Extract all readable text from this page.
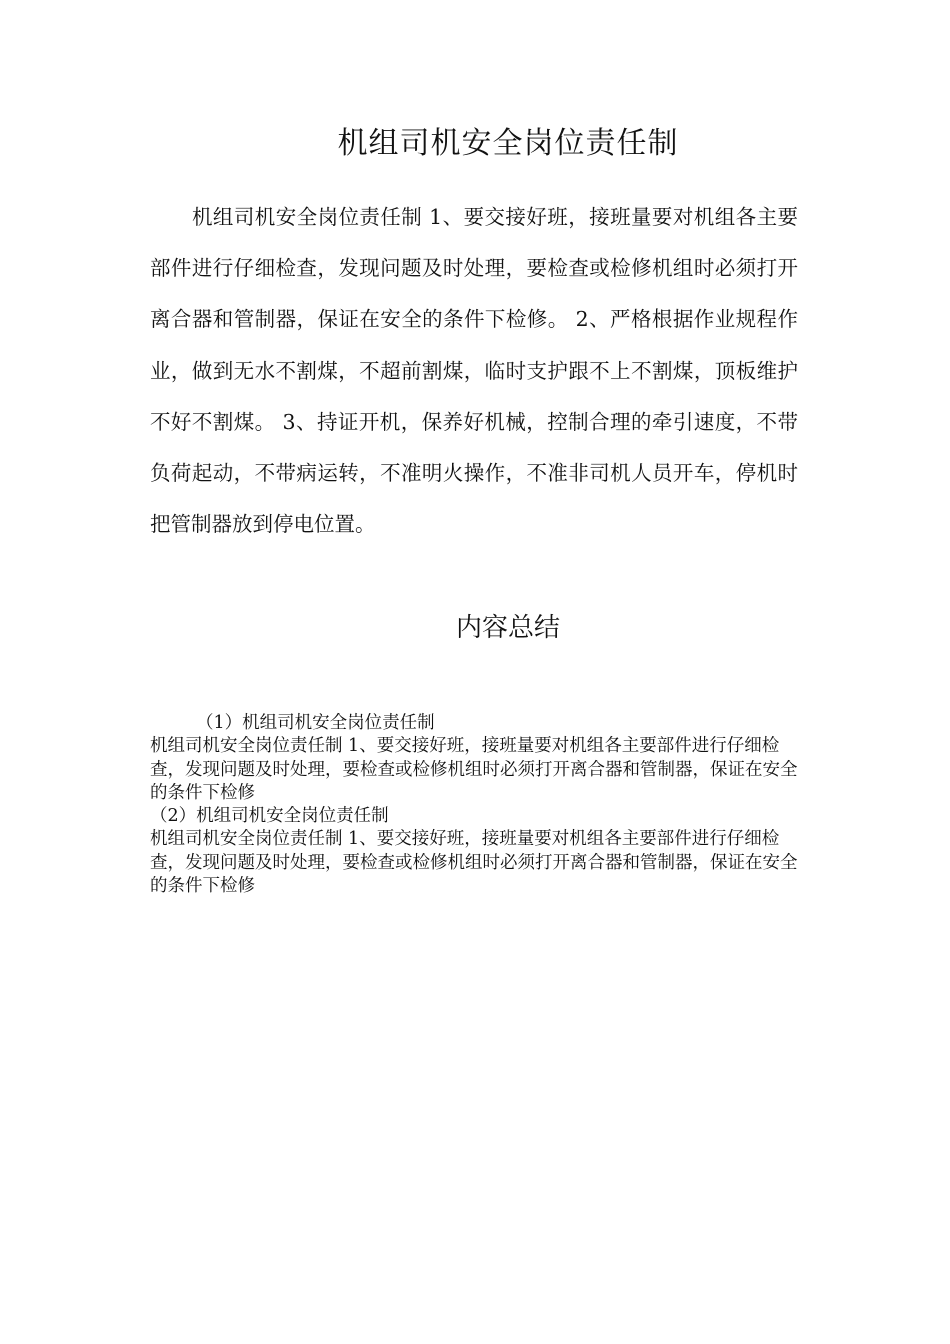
机组司机安全岗位责任制

机组司机安全岗位责任制 1、要交接好班，接班量要对机组各主要部件进行仔细检查，发现问题及时处理，要检查或检修机组时必须打开离合器和管制器，保证在安全的条件下检修。 2、严格根据作业规程作业，做到无水不割煤，不超前割煤，临时支护跟不上不割煤，顶板维护不好不割煤。 3、持证开机，保养好机械，控制合理的牵引速度，不带负荷起动，不带病运转，不准明火操作，不准非司机人员开车，停机时把管制器放到停电位置。

内容总结

（1）机组司机安全岗位责任制

机组司机安全岗位责任制 1、要交接好班，接班量要对机组各主要部件进行仔细检查，发现问题及时处理，要检查或检修机组时必须打开离合器和管制器，保证在安全的条件下检修

（2）机组司机安全岗位责任制

机组司机安全岗位责任制 1、要交接好班，接班量要对机组各主要部件进行仔细检查，发现问题及时处理，要检查或检修机组时必须打开离合器和管制器，保证在安全的条件下检修
